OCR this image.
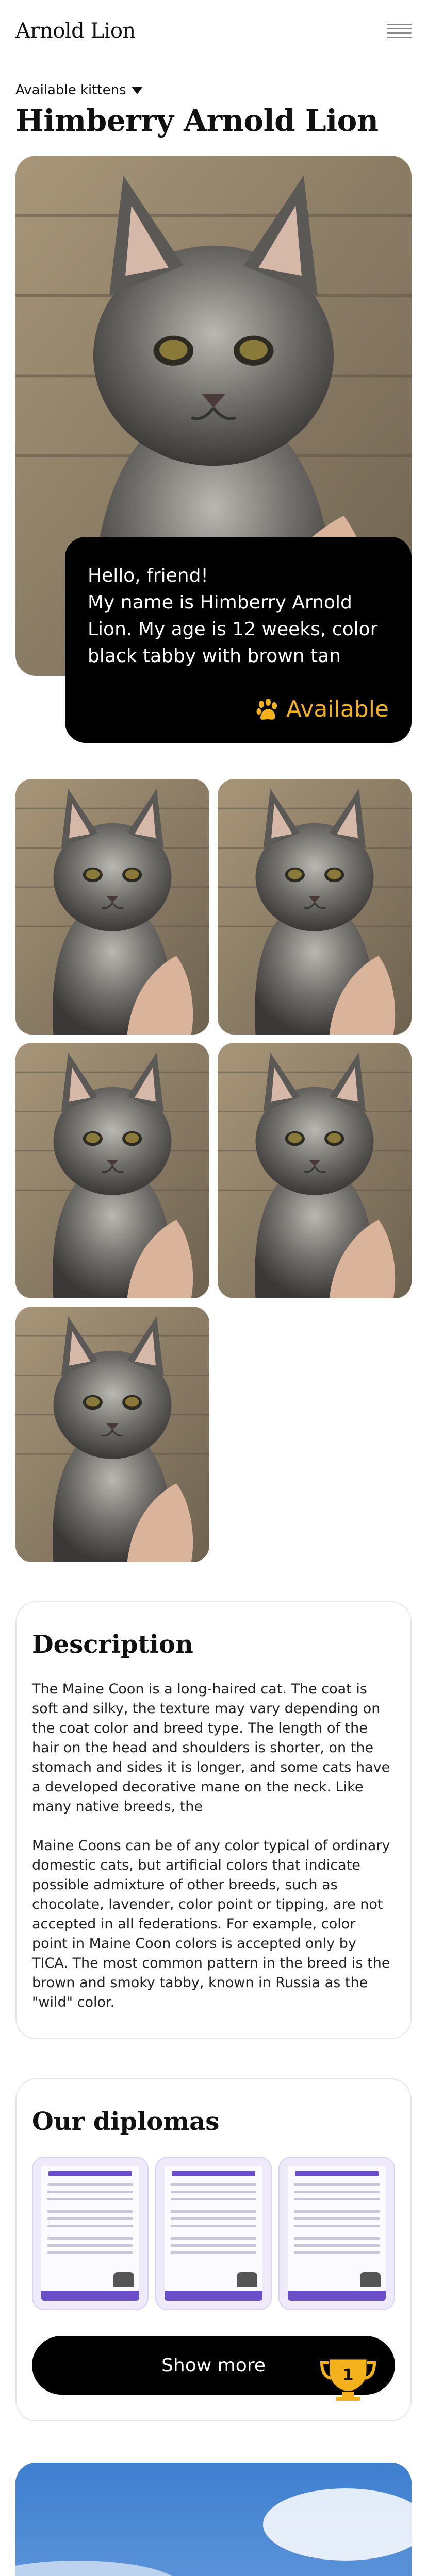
Arnold Lion
Available kittens
Himberry Arnold Lion

Hello, friend!

My name is Himberry Arnold Lion. My age is 12 weeks, color black tabby with brown tan

Available
Description

The Maine Coon is a long-haired cat. The coat is soft and silky, the texture may vary depending on the coat color and breed type. The length of the hair on the head and shoulders is shorter, on the stomach and sides it is longer, and some cats have a developed decorative mane on the neck. Like many native breeds, the

Maine Coons can be of any color typical of ordinary domestic cats, but artificial colors that indicate possible admixture of other breeds, such as chocolate, lavender, color point or tipping, are not accepted in all federations. For example, color point in Maine Coon colors is accepted only by TICA. The most common pattern in the breed is the brown and smoky tabby, known in Russia as the "wild" color.

Our diplomas
Show more	1
